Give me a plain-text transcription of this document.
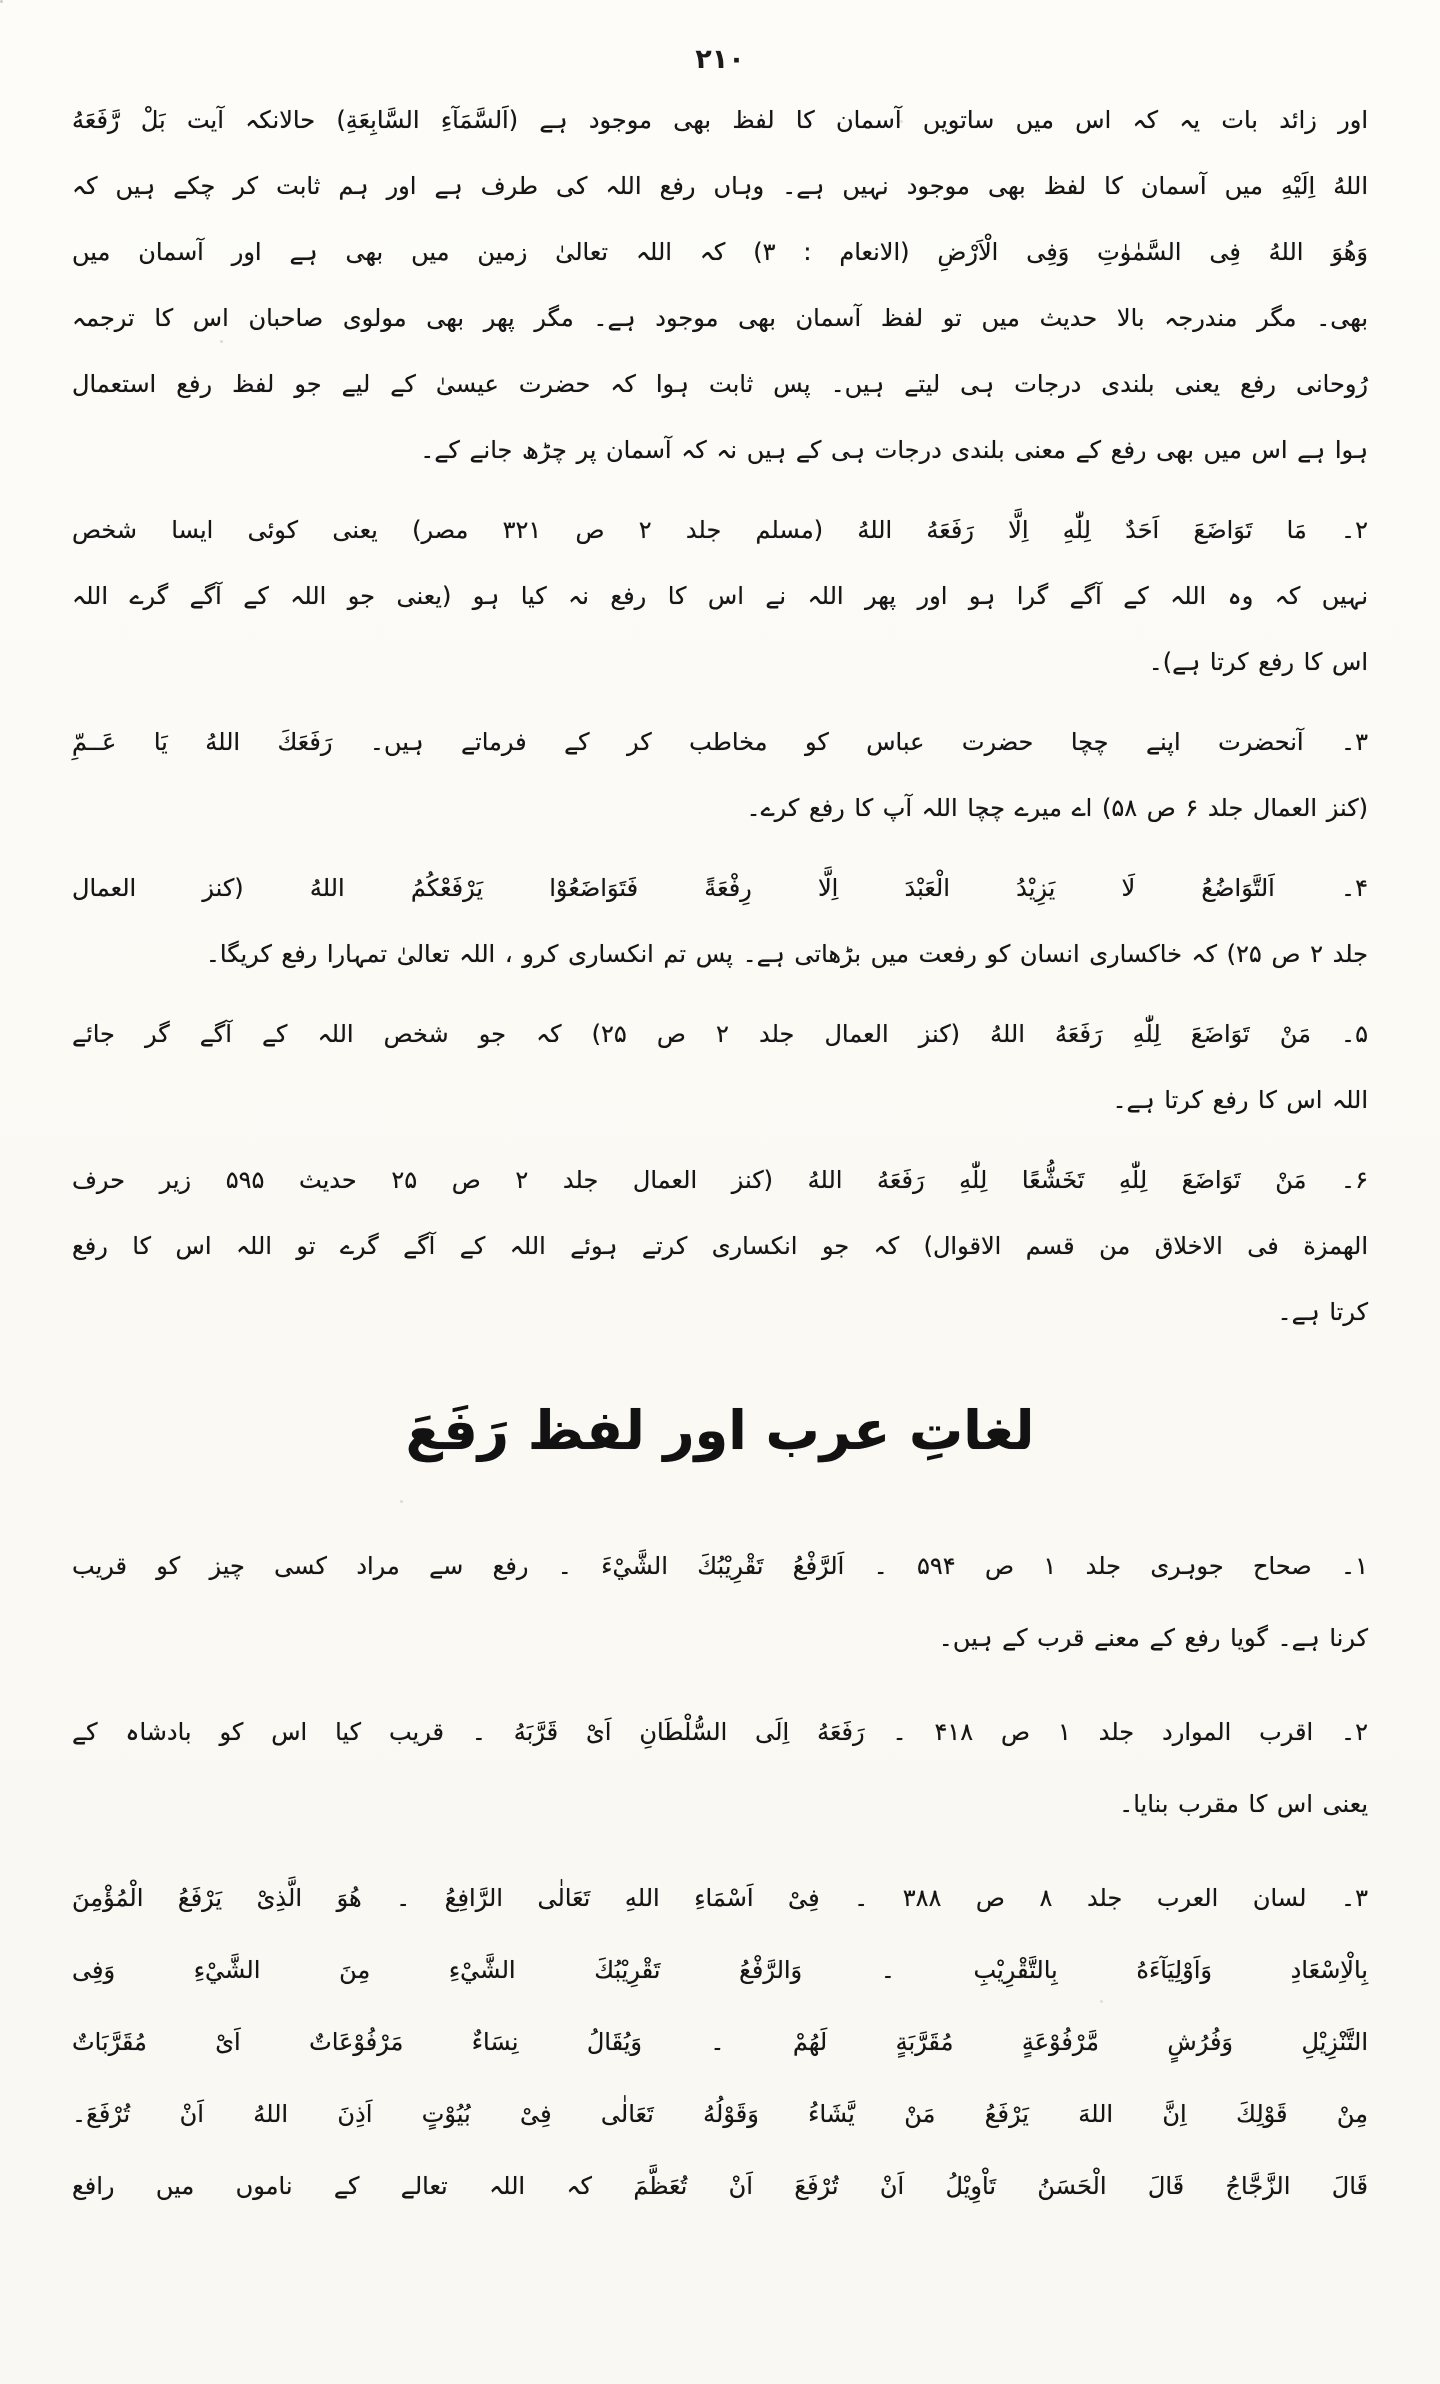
۲۱۰
اور زائد بات یہ کہ اس میں ساتویں آسمان کا لفظ بھی موجود ہے (اَلسَّمَآءِ السَّابِعَةِ) حالانکہ آیت بَلْ رَّفَعَهُ
اللهُ اِلَیْهِ میں آسمان کا لفظ بھی موجود نہیں ہے۔ وہاں رفع اللہ کی طرف ہے اور ہم ثابت کر چکے ہیں کہ
وَهُوَ اللهُ فِی السَّمٰوٰتِ وَفِی الْاَرْضِ (الانعام : ۳) کہ اللہ تعالیٰ زمین میں بھی ہے اور آسمان میں
بھی۔ مگر مندرجہ بالا حدیث میں تو لفظ آسمان بھی موجود ہے۔ مگر پھر بھی مولوی صاحبان اس کا ترجمہ
رُوحانی رفع یعنی بلندی درجات ہی لیتے ہیں۔ پس ثابت ہوا کہ حضرت عیسیٰ کے لیے جو لفظ رفع استعمال
ہوا ہے اس میں بھی رفع کے معنی بلندی درجات ہی کے ہیں نہ کہ آسمان پر چڑھ جانے کے۔
۲۔ مَا تَوَاضَعَ اَحَدٌ لِلّٰهِ اِلَّا رَفَعَهُ اللهُ (مسلم جلد ۲ ص ۳۲۱ مصر) یعنی کوئی ایسا شخص
نہیں کہ وہ اللہ کے آگے گرا ہو اور پھر اللہ نے اس کا رفع نہ کیا ہو (یعنی جو اللہ کے آگے گرے اللہ
اس کا رفع کرتا ہے)۔
۳۔ آنحضرت اپنے چچا حضرت عباس کو مخاطب کر کے فرماتے ہیں۔ رَفَعَكَ اللهُ یَا عَــمِّ
(کنز العمال جلد ۶ ص ۵۸) اے میرے چچا اللہ آپ کا رفع کرے۔
۴۔ اَلتَّوَاضُعُ لَا یَزِیْدُ الْعَبْدَ اِلَّا رِفْعَةً فَتَوَاضَعُوْا یَرْفَعْكُمُ اللهُ (کنز العمال
جلد ۲ ص ۲۵) کہ خاکساری انسان کو رفعت میں بڑھاتی ہے۔ پس تم انکساری کرو ، اللہ تعالیٰ تمہارا رفع کریگا۔
۵۔ مَنْ تَوَاضَعَ لِلّٰهِ رَفَعَهُ اللهُ (کنز العمال جلد ۲ ص ۲۵) کہ جو شخص اللہ کے آگے گر جائے
اللہ اس کا رفع کرتا ہے۔
۶۔ مَنْ تَوَاضَعَ لِلّٰهِ تَخَشُّعًا لِلّٰهِ رَفَعَهُ اللهُ (کنز العمال جلد ۲ ص ۲۵ حدیث ۵۹۵ زیر حرف
الهمزة فی الاخلاق من قسم الاقوال) کہ جو انکساری کرتے ہوئے اللہ کے آگے گرے تو اللہ اس کا رفع
کرتا ہے۔
لغاتِ عرب اور لفظ رَفَعَ
۱۔ صحاح جوہری جلد ۱ ص ۵۹۴ ۔ اَلرَّفْعُ تَقْرِیْبُكَ الشَّيْءَ ۔ رفع سے مراد کسی چیز کو قریب
کرنا ہے۔ گویا رفع کے معنے قرب کے ہیں۔
۲۔ اقرب الموارد جلد ۱ ص ۴۱۸ ۔ رَفَعَهُ اِلَی السُّلْطَانِ اَیْ قَرَّبَهُ ۔ قریب کیا اس کو بادشاہ کے
یعنی اس کا مقرب بنایا۔
۳۔ لسان العرب جلد ۸ ص ۳۸۸ ۔ فِیْ اَسْمَاءِ اللهِ تَعَالٰی الرَّافِعُ ۔ هُوَ الَّذِیْ یَرْفَعُ الْمُؤْمِنَ
بِالْاِسْعَادِ وَاَوْلِیَآءَهُ بِالتَّقْرِیْبِ ۔ وَالرَّفْعُ تَقْرِیْبُكَ الشَّيْءِ مِنَ الشَّيْءِ وَفِی
التَّنْزِیْلِ وَفُرُشٍ مَّرْفُوْعَةٍ مُقَرَّبَةٍ لَهُمْ ۔ وَیُقَالُ نِسَاءٌ مَرْفُوْعَاتٌ اَیْ مُقَرَّبَاتٌ
مِنْ قَوْلِكَ اِنَّ اللهَ یَرْفَعُ مَنْ یَّشَاءُ وَقَوْلُهُ تَعَالٰی فِیْ بُیُوْتٍ اَذِنَ اللهُ اَنْ تُرْفَعَ۔
قَالَ الزَّجَّاجُ قَالَ الْحَسَنُ تَاْوِیْلُ اَنْ تُرْفَعَ اَنْ تُعَظَّمَ کہ اللہ تعالے کے ناموں میں رافع
